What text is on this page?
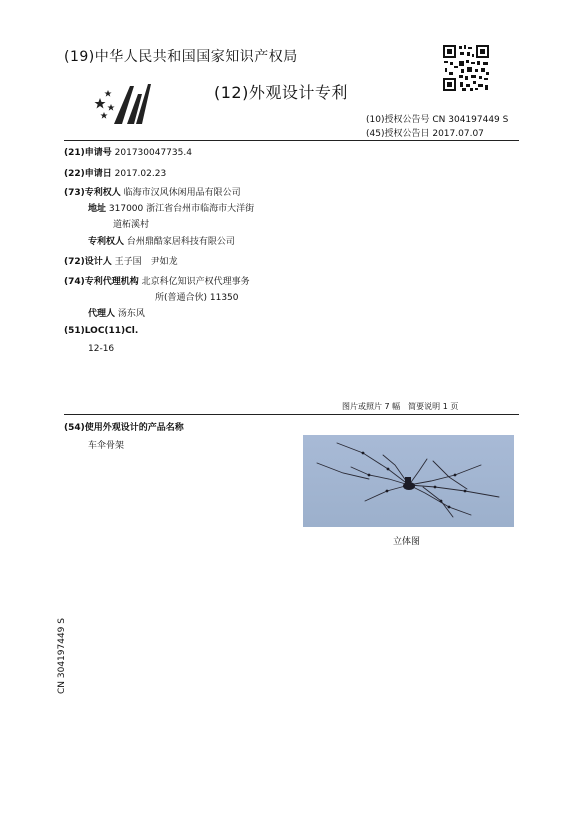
(19)中华人民共和国国家知识产权局
(12)外观设计专利
(10)授权公告号 CN 304197449 S
(45)授权公告日 2017.07.07
(21)申请号 201730047735.4
(22)申请日 2017.02.23
(73)专利权人 临海市汉风休闲用品有限公司
地址 317000 浙江省台州市临海市大洋街
道柘溪村
专利权人 台州鼎酷家居科技有限公司
(72)设计人 王子国　尹如龙
(74)专利代理机构 北京科亿知识产权代理事务
所(普通合伙) 11350
代理人 汤东风
(51)LOC(11)Cl.
12-16
图片或照片 7 幅　简要说明 1 页
(54)使用外观设计的产品名称
车伞骨架
立体图
CN 304197449 S
